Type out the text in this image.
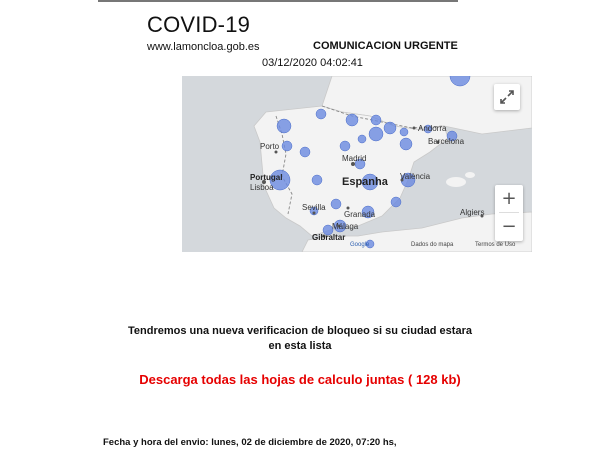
COVID-19
www.lamoncloa.gob.es	COMUNICACION URGENTE
03/12/2020 04:02:41
Andorra
Porto
Barcelona
Madrid
Portugal
Lisboa	Espanha València
Sevilla
Granada	Algiers
Málaga
Gibraltar
Google	Dados do mapa	Termos de Uso
+
−
Tendremos una nueva verificacion de bloqueo si su ciudad estara
en esta lista
Descarga todas las hojas de calculo juntas ( 128 kb)
Fecha y hora del envio: lunes, 02 de diciembre de 2020, 07:20 hs,
